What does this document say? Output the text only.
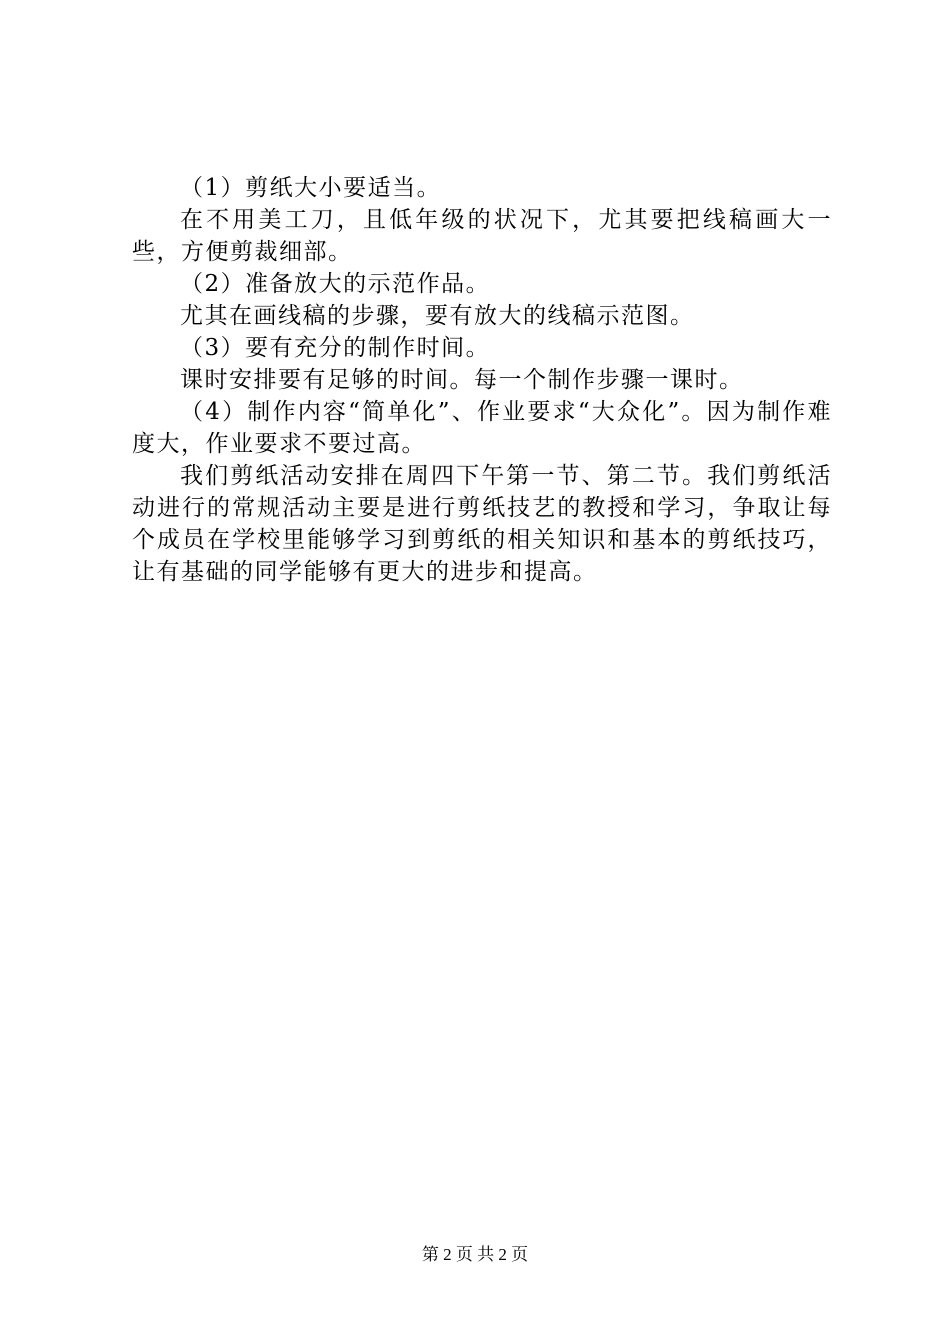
（1）剪纸大小要适当。

在不用美工刀，且低年级的状况下，尤其要把线稿画大一些，方便剪裁细部。

（2）准备放大的示范作品。

尤其在画线稿的步骤，要有放大的线稿示范图。

（3）要有充分的制作时间。

课时安排要有足够的时间。每一个制作步骤一课时。

（4）制作内容“简单化”、作业要求“大众化”。因为制作难度大，作业要求不要过高。

我们剪纸活动安排在周四下午第一节、第二节。我们剪纸活动进行的常规活动主要是进行剪纸技艺的教授和学习，争取让每个成员在学校里能够学习到剪纸的相关知识和基本的剪纸技巧，让有基础的同学能够有更大的进步和提高。

第 2 页 共 2 页
